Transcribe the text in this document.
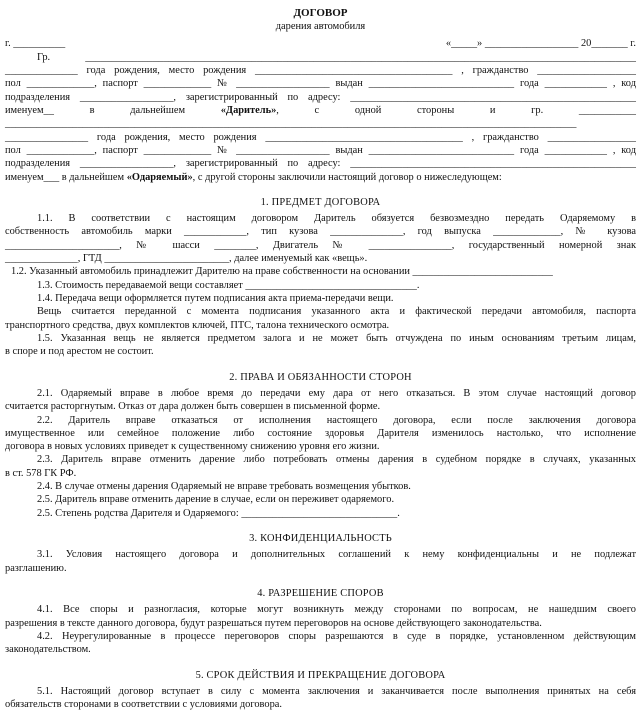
ДОГОВОР

дарения автомобиля

г. __________	«_____» __________________ 20_______ г.

Гр. __________________________________________________________________________________________________________

______________ года рождения, место рождения ______________________________________ , гражданство ___________________

пол _____________, паспорт _____________ № __________________ выдан ____________________________ года ____________ , код

подразделения __________________, зарегистрированный по адресу: _______________________________________________________

именуем__ в дальнейшем «Даритель», с одной стороны и гр. ___________

______________________________________________________________________________________________________________

________________ года рождения, место рождения ______________________________________ , гражданство _________________

пол _____________, паспорт _____________ № __________________ выдан ____________________________ года ____________ , код

подразделения __________________, зарегистрированный по адресу: _______________________________________________________

именуем___ в дальнейшем «Одаряемый», с другой стороны заключили настоящий договор о нижеследующем:

1. ПРЕДМЕТ ДОГОВОРА

1.1. В соответствии с настоящим договором Даритель обязуется безвозмездно передать Одаряемому в

собственность автомобиль марки ____________, тип кузова ______________, год выпуска _____________, № кузова

______________________, № шасси ________, Двигатель № ________________, государственный номерной знак

______________, ГТД ________________________, далее именуемый как «вещь».

1.2. Указанный автомобиль принадлежит Дарителю на праве собственности на основании ___________________________

1.3. Стоимость передаваемой вещи составляет _________________________________.

1.4. Передача вещи оформляется путем подписания акта приема-передачи вещи.

Вещь считается переданной с момента подписания указанного акта и фактической передачи автомобиля, паспорта

транспортного средства, двух комплектов ключей, ПТС, талона технического осмотра.

1.5. Указанная вещь не является предметом залога и не может быть отчуждена по иным основаниям третьим лицам,

в споре и под арестом не состоит.

2. ПРАВА И ОБЯЗАННОСТИ СТОРОН

2.1. Одаряемый вправе в любое время до передачи ему дара от него отказаться. В этом случае настоящий договор

считается расторгнутым. Отказ от дара должен быть совершен в письменной форме.

2.2. Даритель вправе отказаться от исполнения настоящего договора, если после заключения договора

имущественное или семейное положение либо состояние здоровья Дарителя изменилось настолько, что исполнение

договора в новых условиях приведет к существенному снижению уровня его жизни.

2.3. Даритель вправе отменить дарение либо потребовать отмены дарения в судебном порядке в случаях, указанных

в ст. 578 ГК РФ.

2.4. В случае отмены дарения Одаряемый не вправе требовать возмещения убытков.

2.5. Даритель вправе отменить дарение в случае, если он переживет одаряемого.

2.5. Степень родства Дарителя и Одаряемого: ______________________________.

3. КОНФИДЕНЦИАЛЬНОСТЬ

3.1. Условия настоящего договора и дополнительных соглашений к нему конфиденциальны и не подлежат

разглашению.

4. РАЗРЕШЕНИЕ СПОРОВ

4.1. Все споры и разногласия, которые могут возникнуть между сторонами по вопросам, не нашедшим своего

разрешения в тексте данного договора, будут разрешаться путем переговоров на основе действующего законодательства.

4.2. Неурегулированные в процессе переговоров споры разрешаются в суде в порядке, установленном действующим

законодательством.

5. СРОК ДЕЙСТВИЯ И ПРЕКРАЩЕНИЕ ДОГОВОРА

5.1. Настоящий договор вступает в силу с момента заключения и заканчивается после выполнения принятых на себя

обязательств сторонами в соответствии с условиями договора.
